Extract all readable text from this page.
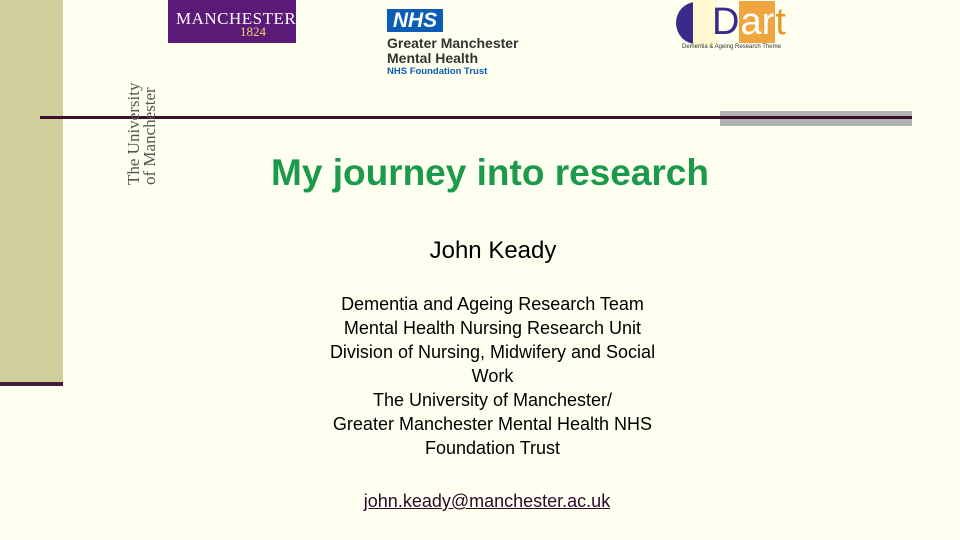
The University
of Manchester
MANCHESTER
1824	NHS
Greater Manchester
Mental Health
NHS Foundation Trust
Dart
Dementia & Ageing Research Theme
My journey into research
John Keady
Dementia and Ageing Research Team
Mental Health Nursing Research Unit
Division of Nursing, Midwifery and Social
Work
The University of Manchester/
Greater Manchester Mental Health NHS
Foundation Trust
john.keady@manchester.ac.uk
